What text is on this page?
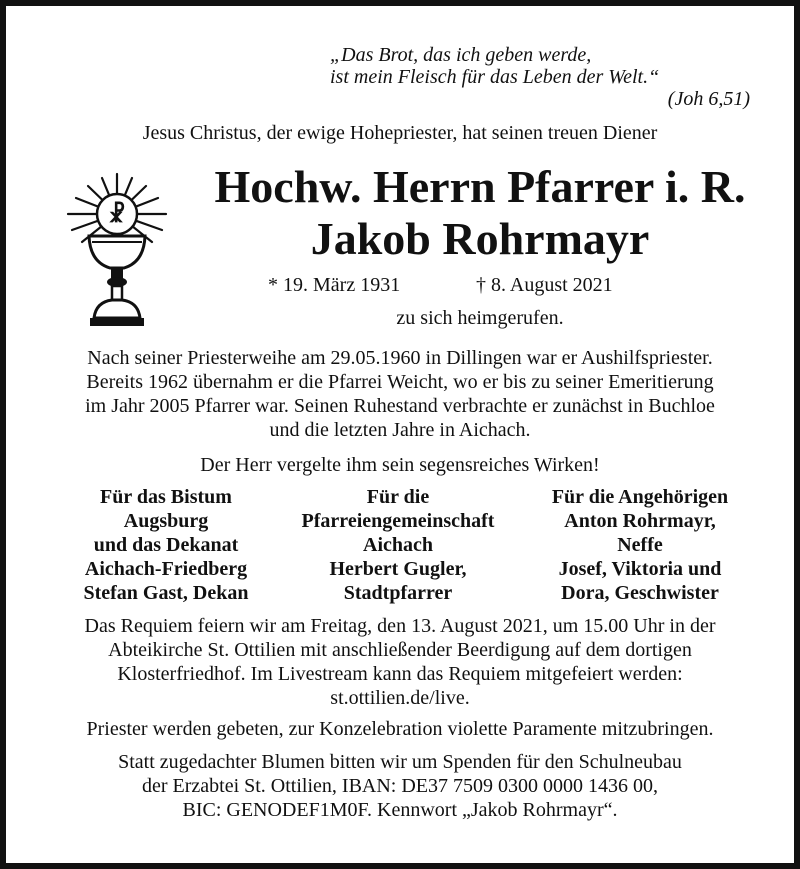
„Das Brot, das ich geben werde,
ist mein Fleisch für das Leben der Welt.“
(Joh 6,51)
Jesus Christus, der ewige Hohepriester, hat seinen treuen Diener
☧
Hochw. Herrn Pfarrer i. R.
Jakob Rohrmayr
* 19. März 1931	† 8. August 2021
zu sich heimgerufen.
Nach seiner Priesterweihe am 29.05.1960 in Dillingen war er Aushilfspriester.
Bereits 1962 übernahm er die Pfarrei Weicht, wo er bis zu seiner Emeritierung
im Jahr 2005 Pfarrer war. Seinen Ruhestand verbrachte er zunächst in Buchloe
und die letzten Jahre in Aichach.
Der Herr vergelte ihm sein segensreiches Wirken!
Für das Bistum
Augsburg
und das Dekanat
Aichach-Friedberg
Stefan Gast, Dekan
Für die
Pfarreiengemeinschaft
Aichach
Herbert Gugler,
Stadtpfarrer
Für die Angehörigen
Anton Rohrmayr,
Neffe
Josef, Viktoria und
Dora, Geschwister
Das Requiem feiern wir am Freitag, den 13. August 2021, um 15.00 Uhr in der
Abteikirche St. Ottilien mit anschließender Beerdigung auf dem dortigen
Klosterfriedhof. Im Livestream kann das Requiem mitgefeiert werden:
st.ottilien.de/live.
Priester werden gebeten, zur Konzelebration violette Paramente mitzubringen.
Statt zugedachter Blumen bitten wir um Spenden für den Schulneubau
der Erzabtei St. Ottilien, IBAN: DE37 7509 0300 0000 1436 00,
BIC: GENODEF1M0F. Kennwort „Jakob Rohrmayr“.
